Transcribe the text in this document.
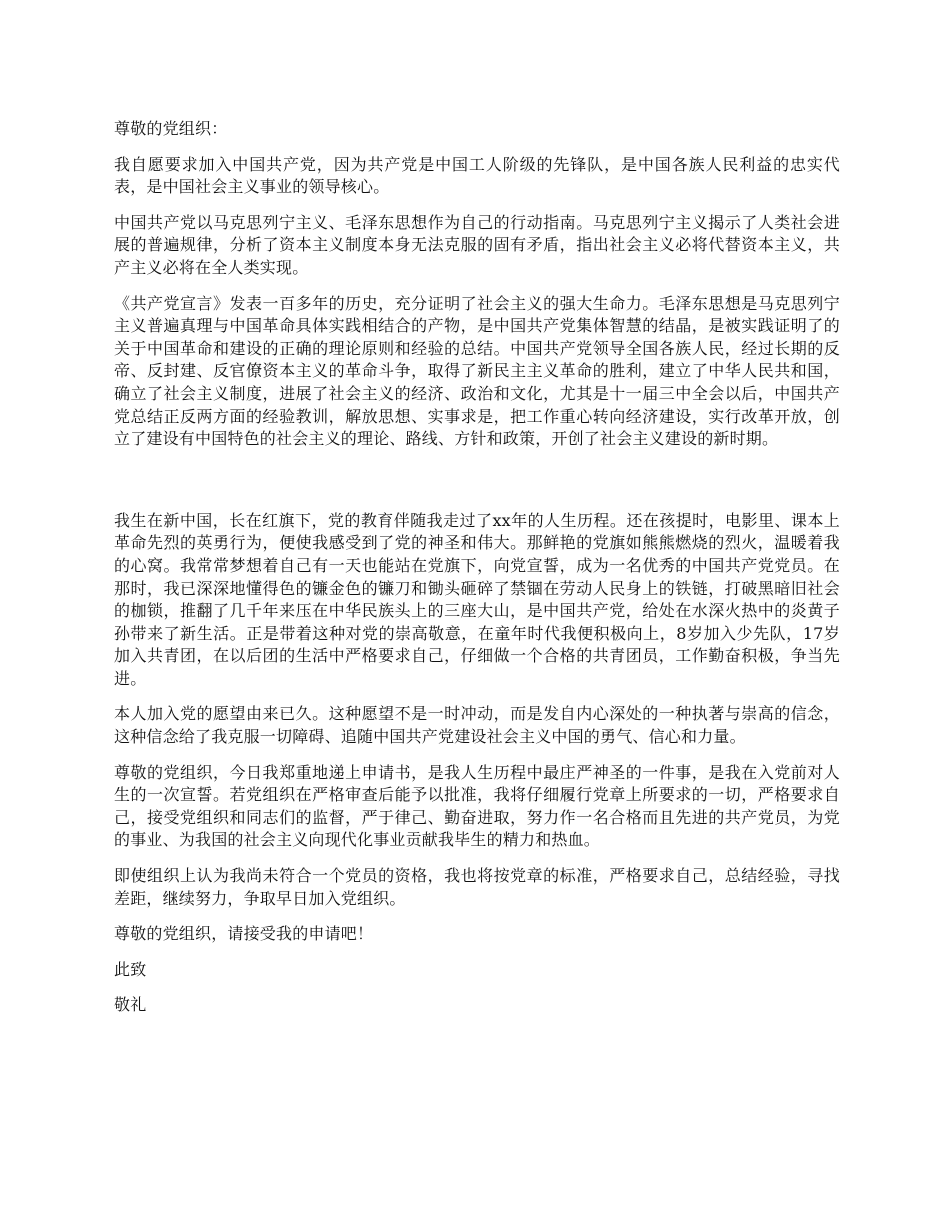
尊敬的党组织：

我自愿要求加入中国共产党，因为共产党是中国工人阶级的先锋队，是中国各族人民利益的忠实代表，是中国社会主义事业的领导核心。

中国共产党以马克思列宁主义、毛泽东思想作为自己的行动指南。马克思列宁主义揭示了人类社会进展的普遍规律，分析了资本主义制度本身无法克服的固有矛盾，指出社会主义必将代替资本主义，共产主义必将在全人类实现。

《共产党宣言》发表一百多年的历史，充分证明了社会主义的强大生命力。毛泽东思想是马克思列宁主义普遍真理与中国革命具体实践相结合的产物，是中国共产党集体智慧的结晶，是被实践证明了的关于中国革命和建设的正确的理论原则和经验的总结。中国共产党领导全国各族人民，经过长期的反帝、反封建、反官僚资本主义的革命斗争，取得了新民主主义革命的胜利，建立了中华人民共和国，确立了社会主义制度，进展了社会主义的经济、政治和文化，尤其是十一届三中全会以后，中国共产党总结正反两方面的经验教训，解放思想、实事求是，把工作重心转向经济建设，实行改革开放，创立了建设有中国特色的社会主义的理论、路线、方针和政策，开创了社会主义建设的新时期。

我生在新中国，长在红旗下，党的教育伴随我走过了xx年的人生历程。还在孩提时，电影里、课本上革命先烈的英勇行为，便使我感受到了党的神圣和伟大。那鲜艳的党旗如熊熊燃烧的烈火，温暖着我的心窝。我常常梦想着自己有一天也能站在党旗下，向党宣誓，成为一名优秀的中国共产党党员。在那时，我已深深地懂得色的镰金色的镰刀和锄头砸碎了禁锢在劳动人民身上的铁链，打破黑暗旧社会的枷锁，推翻了几千年来压在中华民族头上的三座大山，是中国共产党，给处在水深火热中的炎黄子孙带来了新生活。正是带着这种对党的崇高敬意，在童年时代我便积极向上，8岁加入少先队，17岁加入共青团，在以后团的生活中严格要求自己，仔细做一个合格的共青团员，工作勤奋积极，争当先进。

本人加入党的愿望由来已久。这种愿望不是一时冲动，而是发自内心深处的一种执著与崇高的信念，这种信念给了我克服一切障碍、追随中国共产党建设社会主义中国的勇气、信心和力量。

尊敬的党组织，今日我郑重地递上申请书，是我人生历程中最庄严神圣的一件事，是我在入党前对人生的一次宣誓。若党组织在严格审查后能予以批准，我将仔细履行党章上所要求的一切，严格要求自己，接受党组织和同志们的监督，严于律己、勤奋进取，努力作一名合格而且先进的共产党员，为党的事业、为我国的社会主义向现代化事业贡献我毕生的精力和热血。

即使组织上认为我尚未符合一个党员的资格，我也将按党章的标准，严格要求自己，总结经验，寻找差距，继续努力，争取早日加入党组织。

尊敬的党组织，请接受我的申请吧！

此致

敬礼
